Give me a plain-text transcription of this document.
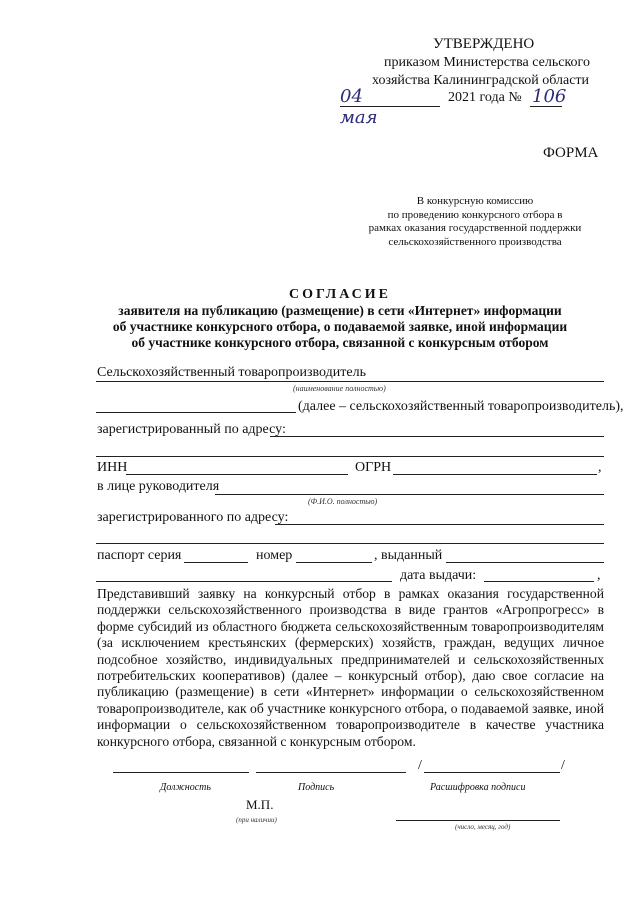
УТВЕРЖДЕНО
приказом Министерства сельского
хозяйства Калининградской области
04 мая
2021 года № 106
ФОРМА
В конкурсную комиссию
по проведению конкурсного отбора в
рамках оказания государственной поддержки
сельскохозяйственного производства
СОГЛАСИЕ
заявителя на публикацию (размещение) в сети «Интернет» информации
об участнике конкурсного отбора, о подаваемой заявке, иной информации
об участнике конкурсного отбора, связанной с конкурсным отбором
Сельскохозяйственный товаропроизводитель
(наименование полностью)
(далее – сельскохозяйственный товаропроизводитель),
зарегистрированный по адресу:
ИНН	ОГРН	,
в лице руководителя
(Ф.И.О. полностью)
зарегистрированного по адресу:
паспорт серия	номер	, выданный
дата выдачи:	,
Представивший заявку на конкурсный отбор в рамках оказания государственной поддержки сельскохозяйственного производства в виде грантов «Агропрогресс» в форме субсидий из областного бюджета сельскохозяйственным товаропроизводителям (за исключением крестьянских (фермерских) хозяйств, граждан, ведущих личное подсобное хозяйство, индивидуальных предпринимателей и сельскохозяйственных потребительских кооперативов) (далее – конкурсный отбор), даю свое согласие на публикацию (размещение) в сети «Интернет» информации о сельскохозяйственном товаропроизводителе, как об участнике конкурсного отбора, о подаваемой заявке, иной информации о сельскохозяйственном товаропроизводителе в качестве участника конкурсного отбора, связанной с конкурсным отбором.
/	/
Должность	Подпись	Расшифровка подписи
М.П.
(при наличии)
(число, месяц, год)
